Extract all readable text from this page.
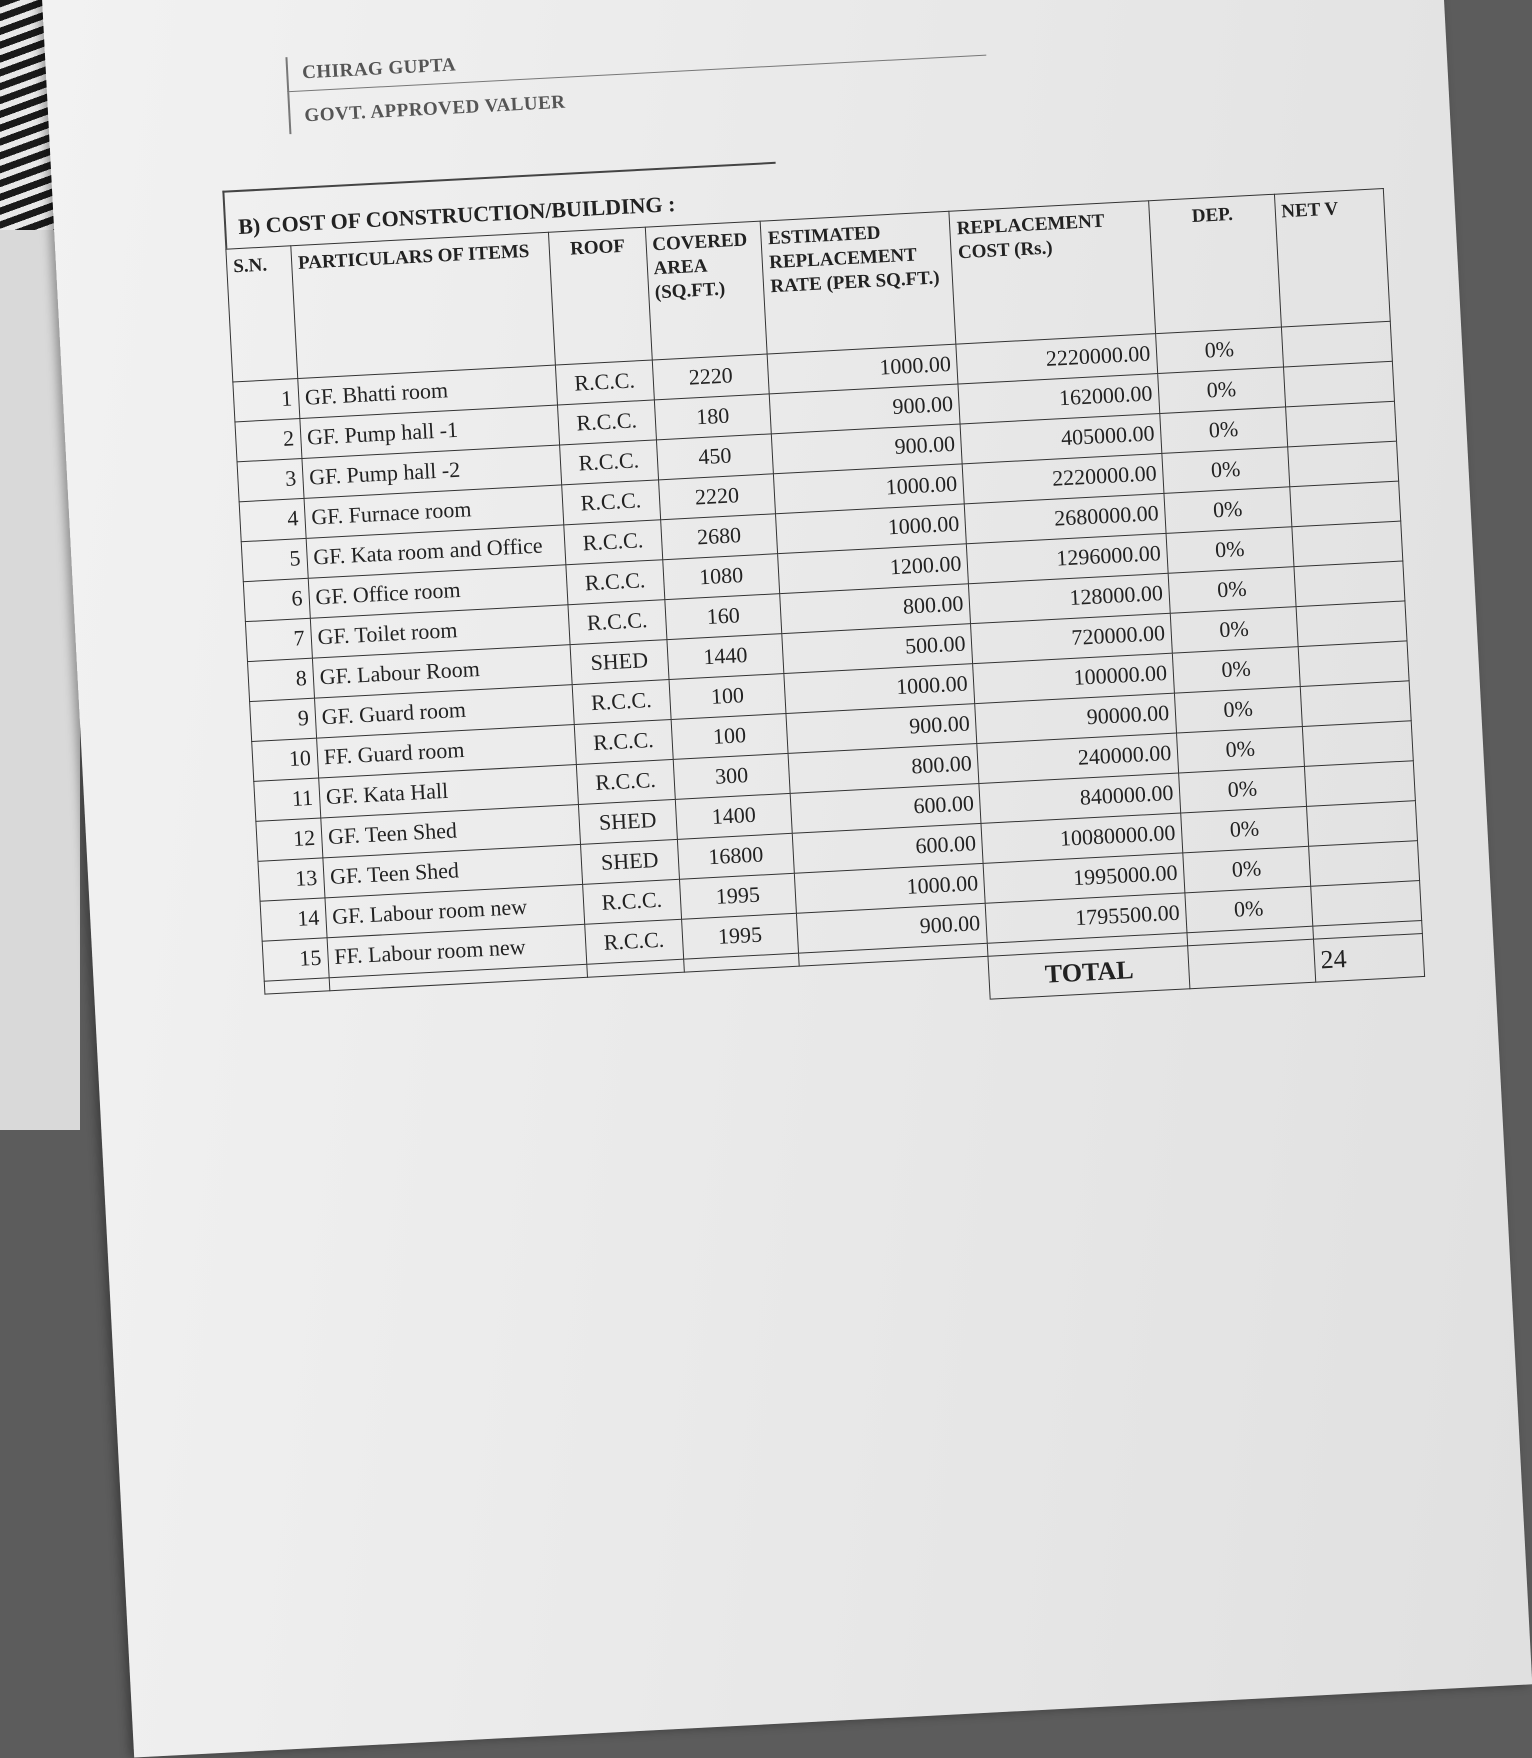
CHIRAG GUPTA
GOVT. APPROVED VALUER
B) COST OF CONSTRUCTION/BUILDING :
S.N.	PARTICULARS OF ITEMS	ROOF	COVERED AREA (SQ.FT.)	ESTIMATED REPLACEMENT RATE (PER SQ.FT.)	REPLACEMENT COST (Rs.)	DEP.	NET V
1	GF. Bhatti room	R.C.C.	2220	1000.00	2220000.00	0%	
2	GF. Pump hall -1	R.C.C.	180	900.00	162000.00	0%	
3	GF. Pump hall -2	R.C.C.	450	900.00	405000.00	0%	
4	GF. Furnace room	R.C.C.	2220	1000.00	2220000.00	0%	
5	GF. Kata room and Office	R.C.C.	2680	1000.00	2680000.00	0%	
6	GF. Office room	R.C.C.	1080	1200.00	1296000.00	0%	
7	GF. Toilet room	R.C.C.	160	800.00	128000.00	0%	
8	GF. Labour Room	SHED	1440	500.00	720000.00	0%	
9	GF. Guard room	R.C.C.	100	1000.00	100000.00	0%	
10	FF. Guard room	R.C.C.	100	900.00	90000.00	0%	
11	GF. Kata Hall	R.C.C.	300	800.00	240000.00	0%	
12	GF. Teen Shed	SHED	1400	600.00	840000.00	0%	
13	GF. Teen Shed	SHED	16800	600.00	10080000.00	0%	
14	GF. Labour room new	R.C.C.	1995	1000.00	1995000.00	0%	
15	FF. Labour room new	R.C.C.	1995	900.00	1795500.00	0%	

					TOTAL		24
